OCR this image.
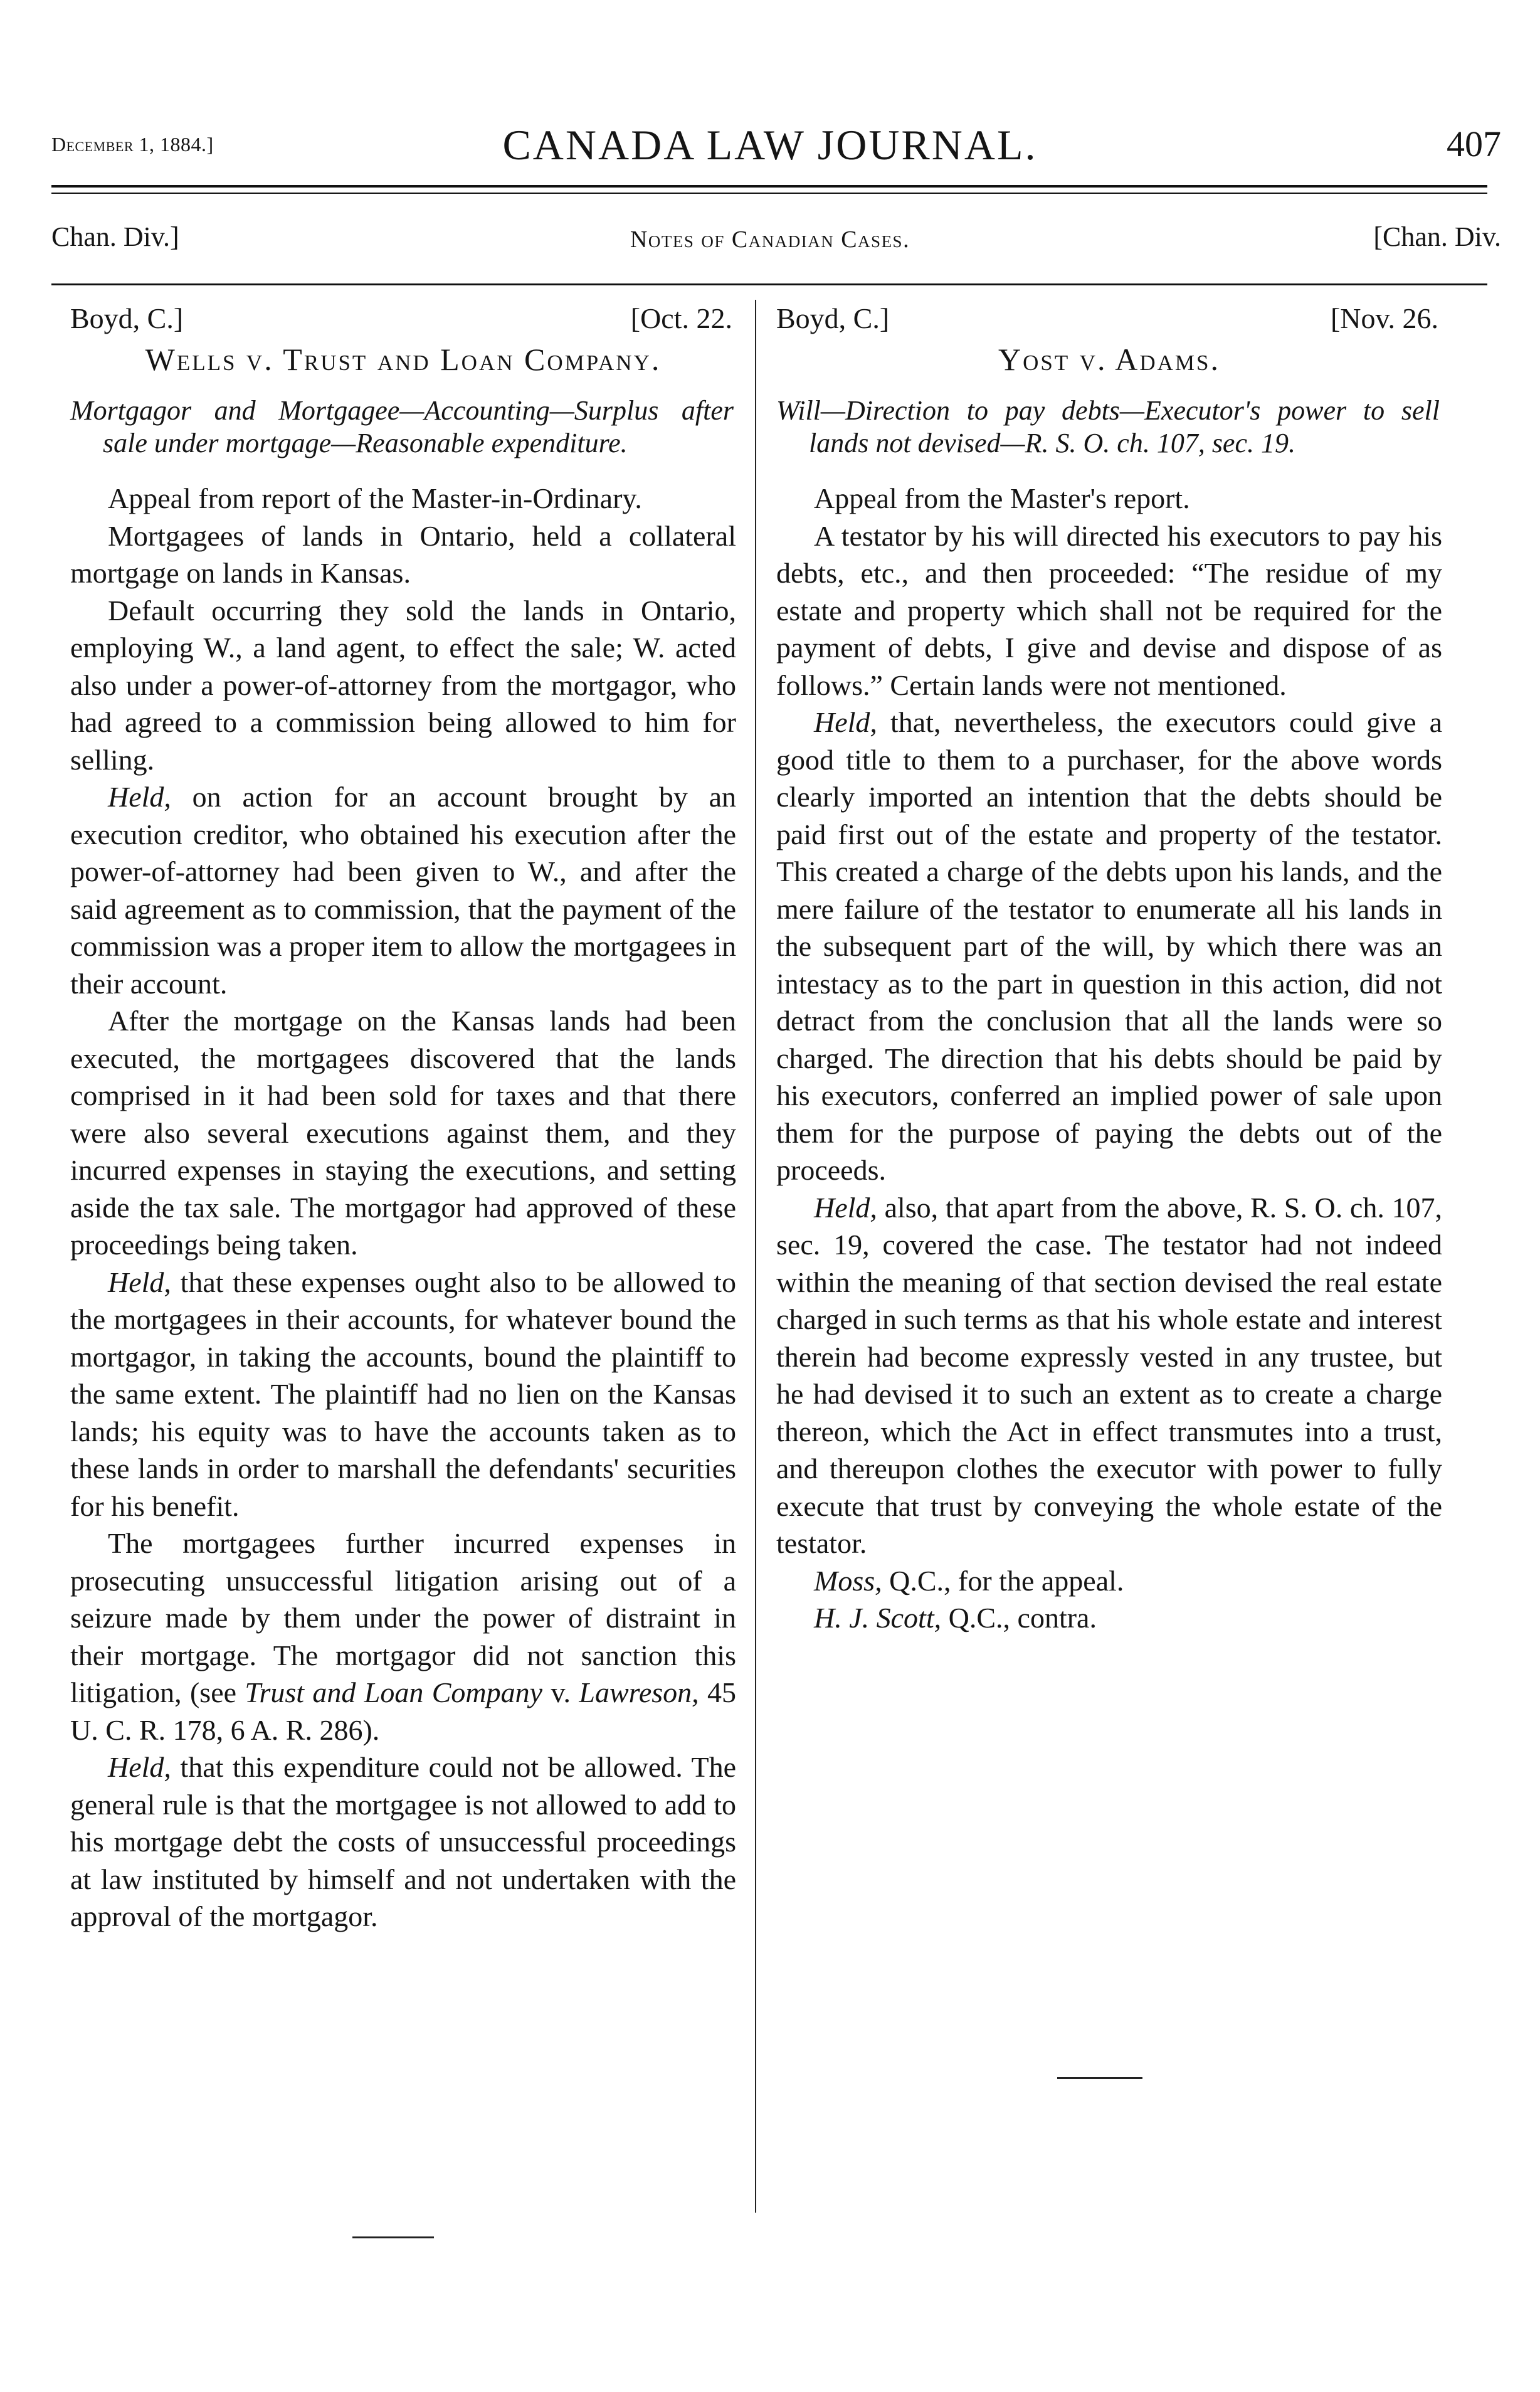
December 1, 1884.]	CANADA LAW JOURNAL.	407
Chan. Div.]	Notes of Canadian Cases.	[Chan. Div.
Boyd, C.]	[Oct. 22.
Wells v. Trust and Loan Company.
Mortgagor and Mortgagee—Accounting—Surplus after sale under mortgage—Reasonable expenditure.

Appeal from report of the Master-in-Ordinary.

Mortgagees of lands in Ontario, held a collateral mortgage on lands in Kansas.

Default occurring they sold the lands in Ontario, employing W., a land agent, to effect the sale; W. acted also under a power-of-attorney from the mortgagor, who had agreed to a commission being allowed to him for selling.

Held, on action for an account brought by an execution creditor, who obtained his execution after the power-of-attorney had been given to W., and after the said agreement as to commission, that the payment of the commission was a proper item to allow the mortgagees in their account.

After the mortgage on the Kansas lands had been executed, the mortgagees discovered that the lands comprised in it had been sold for taxes and that there were also several executions against them, and they incurred expenses in staying the executions, and setting aside the tax sale. The mortgagor had approved of these proceedings being taken.

Held, that these expenses ought also to be allowed to the mortgagees in their accounts, for whatever bound the mortgagor, in taking the accounts, bound the plaintiff to the same extent. The plaintiff had no lien on the Kansas lands; his equity was to have the accounts taken as to these lands in order to marshall the defendants' securities for his benefit.

The mortgagees further incurred expenses in prosecuting unsuccessful litigation arising out of a seizure made by them under the power of distraint in their mortgage. The mortgagor did not sanction this litigation, (see Trust and Loan Company v. Lawreson, 45 U. C. R. 178, 6 A. R. 286).

Held, that this expenditure could not be allowed. The general rule is that the mortgagee is not allowed to add to his mortgage debt the costs of unsuccessful proceedings at law instituted by himself and not undertaken with the approval of the mortgagor.

Boyd, C.]	[Nov. 26.
Yost v. Adams.
Will—Direction to pay debts—Executor's power to sell lands not devised—R. S. O. ch. 107, sec. 19.

Appeal from the Master's report.

A testator by his will directed his executors to pay his debts, etc., and then proceeded: “The residue of my estate and property which shall not be required for the payment of debts, I give and devise and dispose of as follows.” Certain lands were not mentioned.

Held, that, nevertheless, the executors could give a good title to them to a purchaser, for the above words clearly imported an intention that the debts should be paid first out of the estate and property of the testator. This created a charge of the debts upon his lands, and the mere failure of the testator to enumerate all his lands in the subsequent part of the will, by which there was an intestacy as to the part in question in this action, did not detract from the conclusion that all the lands were so charged. The direction that his debts should be paid by his executors, conferred an implied power of sale upon them for the purpose of paying the debts out of the proceeds.

Held, also, that apart from the above, R. S. O. ch. 107, sec. 19, covered the case. The testator had not indeed within the meaning of that section devised the real estate charged in such terms as that his whole estate and interest therein had become expressly vested in any trustee, but he had devised it to such an extent as to create a charge thereon, which the Act in effect transmutes into a trust, and thereupon clothes the executor with power to fully execute that trust by conveying the whole estate of the testator.

Moss, Q.C., for the appeal.

H. J. Scott, Q.C., contra.
